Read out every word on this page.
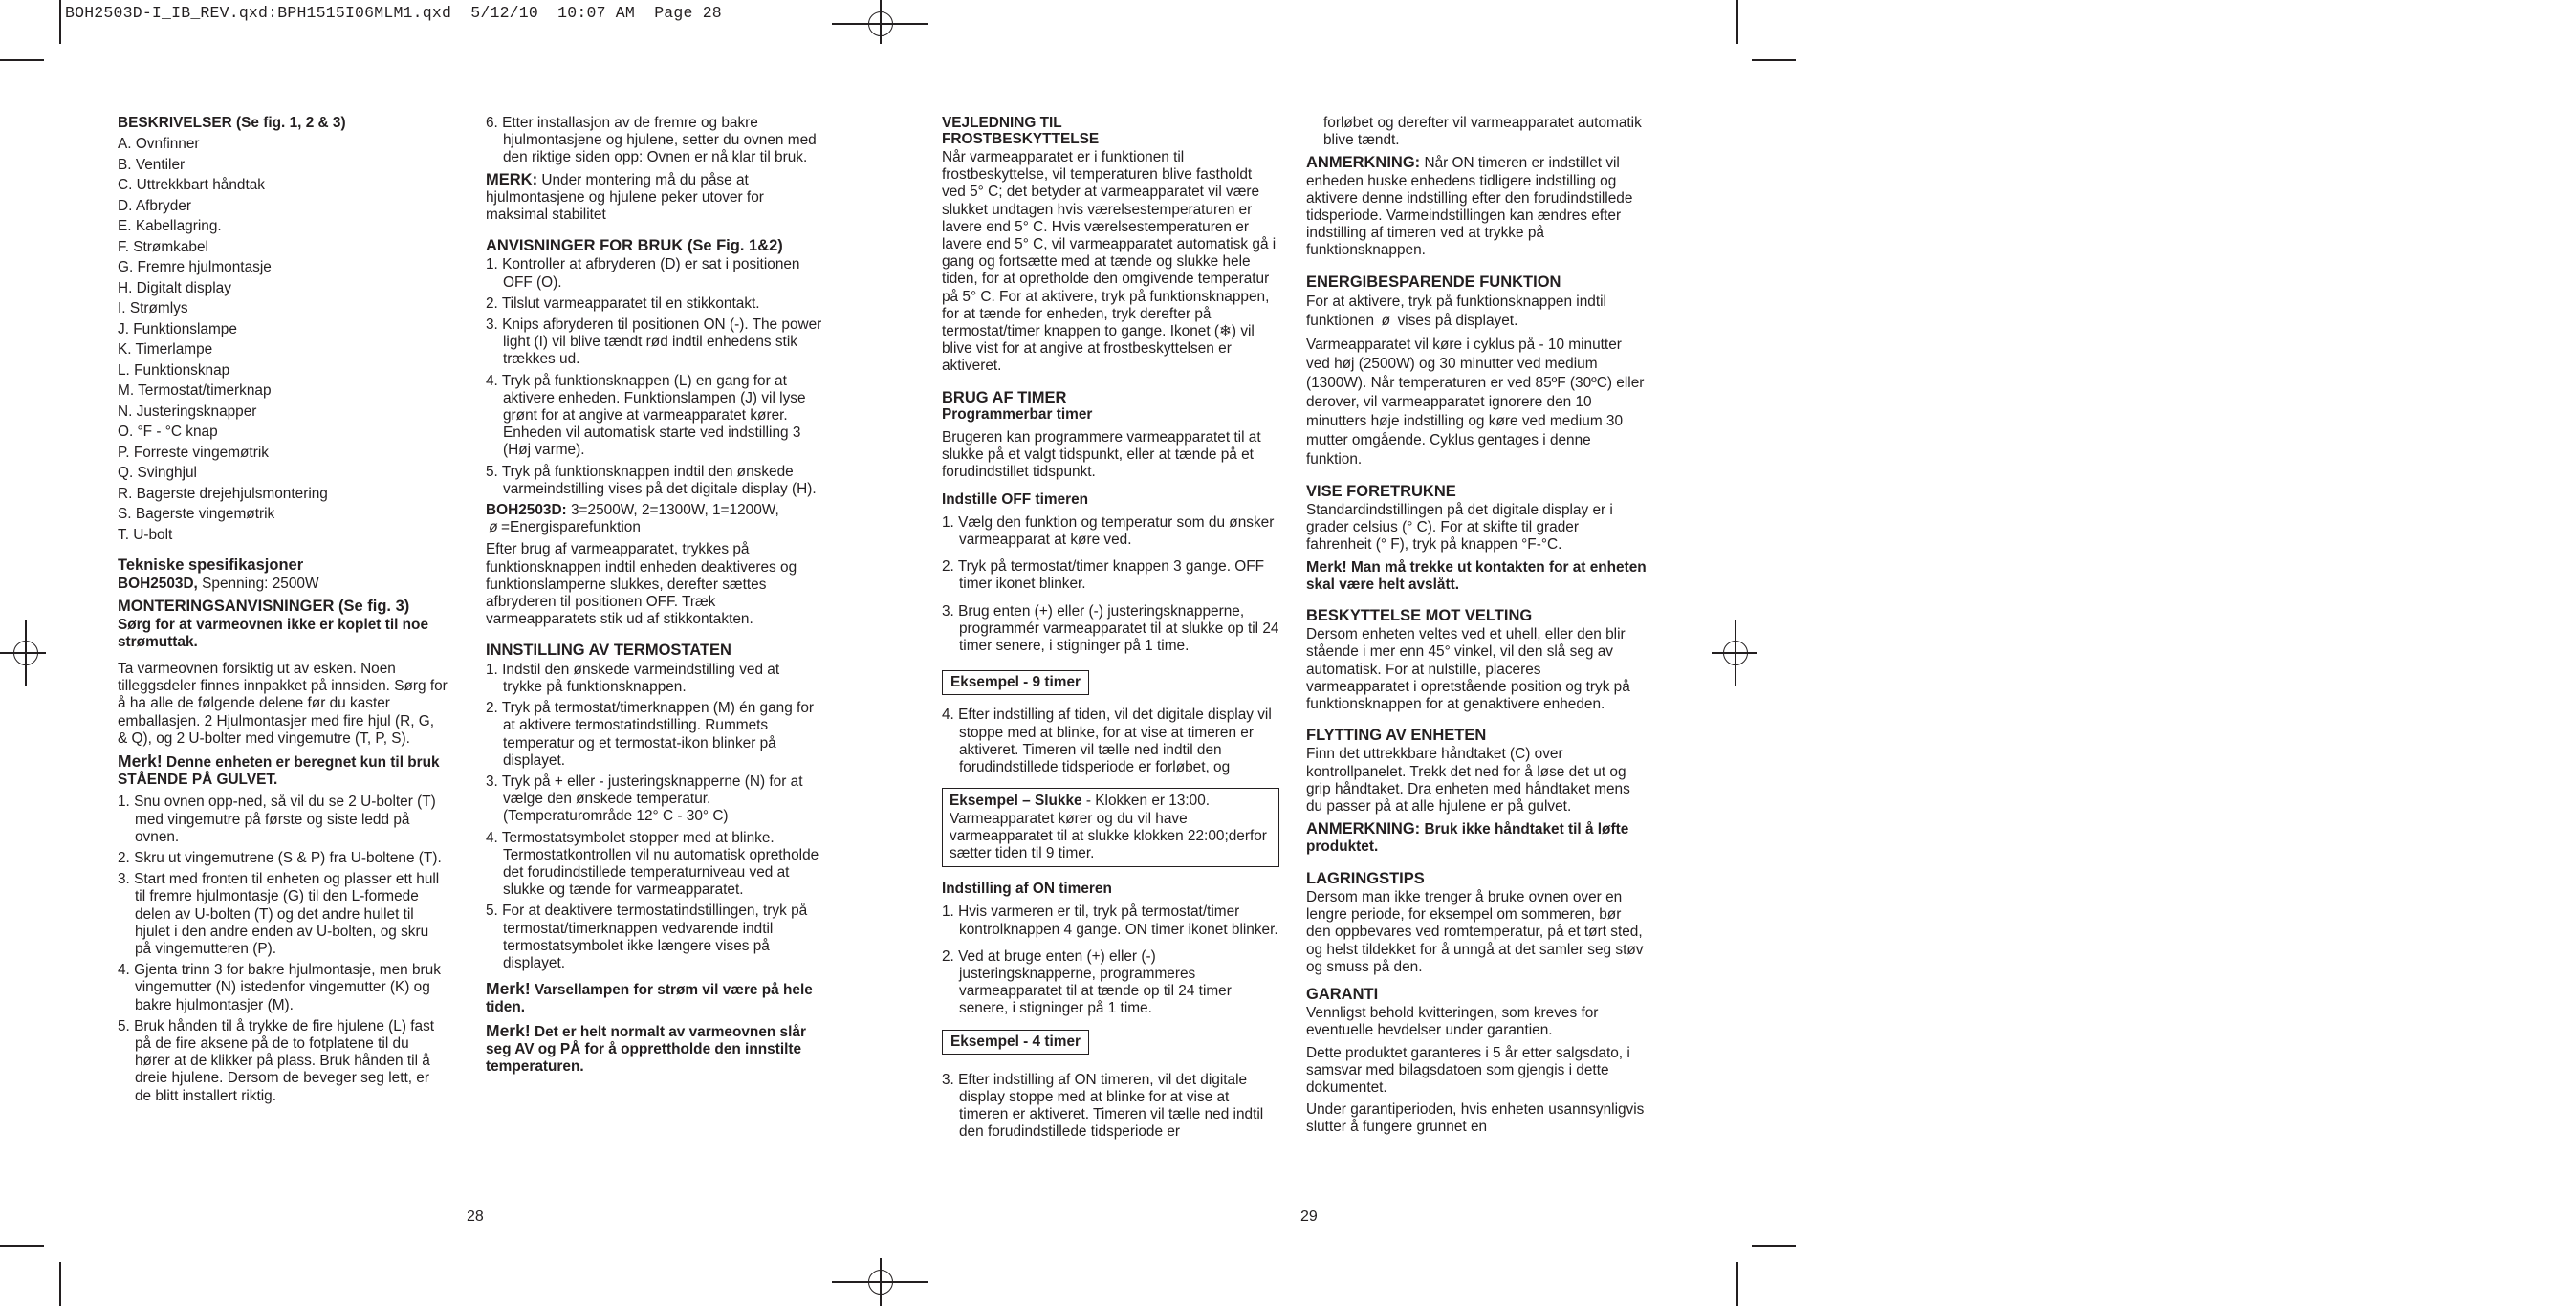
BOH2503D-I_IB_REV.qxd:BPH1515I06MLM1.qxd  5/12/10  10:07 AM  Page 28
BESKRIVELSER (Se fig. 1, 2 & 3)
A. Ovnfinner
B. Ventiler
C. Uttrekkbart håndtak
D. Afbryder
E. Kabellagring.
F. Strømkabel
G. Fremre hjulmontasje
H. Digitalt display
I. Strømlys
J. Funktionslampe
K. Timerlampe
L. Funktionsknap
M. Termostat/timerknap
N. Justeringsknapper
O. °F - °C knap
P. Forreste vingemøtrik
Q. Svinghjul
R. Bagerste drejehjulsmontering
S. Bagerste vingemøtrik
T. U-bolt
Tekniske spesifikasjoner

BOH2503D, Spenning: 2500W

MONTERINGSANVISNINGER (Se fig. 3)

Sørg for at varmeovnen ikke er koplet til noe strømuttak.

Ta varmeovnen forsiktig ut av esken. Noen tilleggsdeler finnes innpakket på innsiden. Sørg for å ha alle de følgende delene før du kaster emballasjen. 2 Hjulmontasjer med fire hjul (R, G, & Q), og 2 U-bolter med vingemutre (T, P, S).

Merk! Denne enheten er beregnet kun til bruk STÅENDE PÅ GULVET.

1. Snu ovnen opp-ned, så vil du se 2 U-bolter (T) med vingemutre på første og siste ledd på ovnen.

2. Skru ut vingemutrene (S & P) fra U-boltene (T).

3. Start med fronten til enheten og plasser ett hull til fremre hjulmontasje (G) til den L-formede delen av U-bolten (T) og det andre hullet til hjulet i den andre enden av U-bolten, og skru på vingemutteren (P).

4. Gjenta trinn 3 for bakre hjulmontasje, men bruk vingemutter (N) istedenfor vingemutter (K) og bakre hjulmontasjer (M).

5. Bruk hånden til å trykke de fire hjulene (L) fast på de fire aksene på de to fotplatene til du hører at de klikker på plass. Bruk hånden til å dreie hjulene. Dersom de beveger seg lett, er de blitt installert riktig.

6. Etter installasjon av de fremre og bakre hjulmontasjene og hjulene, setter du ovnen med den riktige siden opp: Ovnen er nå klar til bruk.

MERK: Under montering må du påse at hjulmontasjene og hjulene peker utover for maksimal stabilitet

ANVISNINGER FOR BRUK (Se Fig. 1&2)

1. Kontroller at afbryderen (D) er sat i positionen OFF (O).

2. Tilslut varmeapparatet til en stikkontakt.

3. Knips afbryderen til positionen ON (-). The power light (I) vil blive tændt rød indtil enhedens stik trækkes ud.

4. Tryk på funktionsknappen (L) en gang for at aktivere enheden. Funktionslampen (J) vil lyse grønt for at angive at varmeapparatet kører. Enheden vil automatisk starte ved indstilling 3 (Høj varme).

5. Tryk på funktionsknappen indtil den ønskede varmeindstilling vises på det digitale display (H).

BOH2503D: 3=2500W, 2=1300W, 1=1200W,
ø =Energisparefunktion

Efter brug af varmeapparatet, trykkes på funktionsknappen indtil enheden deaktiveres og funktionslamperne slukkes, derefter sættes afbryderen til positionen OFF. Træk varmeapparatets stik ud af stikkontakten.

INNSTILLING AV TERMOSTATEN

1. Indstil den ønskede varmeindstilling ved at trykke på funktionsknappen.

2. Tryk på termostat/timerknappen (M) én gang for at aktivere termostatindstilling. Rummets temperatur og et termostat-ikon blinker på displayet.

3. Tryk på + eller - justeringsknapperne (N) for at vælge den ønskede temperatur. (Temperaturområde 12° C - 30° C)

4. Termostatsymbolet stopper med at blinke. Termostatkontrollen vil nu automatisk opretholde det forudindstillede temperaturniveau ved at slukke og tænde for varmeapparatet.

5. For at deaktivere termostatindstillingen, tryk på termostat/timerknappen vedvarende indtil termostatsymbolet ikke længere vises på displayet.

Merk! Varsellampen for strøm vil være på hele tiden.

Merk! Det er helt normalt av varmeovnen slår seg AV og PÅ for å opprettholde den innstilte temperaturen.

28
VEJLEDNING TIL FROSTBESKYTTELSE

Når varmeapparatet er i funktionen til frostbeskyttelse, vil temperaturen blive fastholdt ved 5° C; det betyder at varmeapparatet vil være slukket undtagen hvis værelsestemperaturen er lavere end 5° C. Hvis værelsestemperaturen er lavere end 5° C, vil varmeapparatet automatisk gå i gang og fortsætte med at tænde og slukke hele tiden, for at opretholde den omgivende temperatur på 5° C. For at aktivere, tryk på funktionsknappen, for at tænde for enheden, tryk derefter på termostat/timer knappen to gange. Ikonet (❄) vil blive vist for at angive at frostbeskyttelsen er aktiveret.

BRUG AF TIMER
Programmerbar timer

Brugeren kan programmere varmeapparatet til at slukke på et valgt tidspunkt, eller at tænde på et forudindstillet tidspunkt.

Indstille OFF timeren

1. Vælg den funktion og temperatur som du ønsker varmeapparat at køre ved.

2. Tryk på termostat/timer knappen 3 gange. OFF timer ikonet blinker.

3. Brug enten (+) eller (-) justeringsknapperne, programmér varmeapparatet til at slukke op til 24 timer senere, i stigninger på 1 time.

Eksempel - 9 timer

4. Efter indstilling af tiden, vil det digitale display vil stoppe med at blinke, for at vise at timeren er aktiveret. Timeren vil tælle ned indtil den forudindstillede tidsperiode er forløbet, og

Eksempel – Slukke - Klokken er 13:00. Varmeapparatet kører og du vil have varmeapparatet til at slukke klokken 22:00;derfor sætter tiden til 9 timer.
Indstilling af ON timeren

1. Hvis varmeren er til, tryk på termostat/timer kontrolknappen 4 gange. ON timer ikonet blinker.

2. Ved at bruge enten (+) eller (-) justeringsknapperne, programmeres varmeapparatet til at tænde op til 24 timer senere, i stigninger på 1 time.

Eksempel - 4 timer

3. Efter indstilling af ON timeren, vil det digitale display stoppe med at blinke for at vise at timeren er aktiveret. Timeren vil tælle ned indtil den forudindstillede tidsperiode er

forløbet og derefter vil varmeapparatet automatik blive tændt.

ANMERKNING: Når ON timeren er indstillet vil enheden huske enhedens tidligere indstilling og aktivere denne indstilling efter den forudindstillede tidsperiode. Varmeindstillingen kan ændres efter indstilling af timeren ved at trykke på funktionsknappen.

ENERGIBESPARENDE FUNKTION

For at aktivere, tryk på funktionsknappen indtil funktionen ø vises på displayet.

Varmeapparatet vil køre i cyklus på - 10 minutter ved høj (2500W) og 30 minutter ved medium (1300W). Når temperaturen er ved 85ºF (30ºC) eller derover, vil varmeapparatet ignorere den 10 minutters høje indstilling og køre ved medium 30 mutter omgående. Cyklus gentages i denne funktion.

VISE FORETRUKNE

Standardindstillingen på det digitale display er i grader celsius (° C). For at skifte til grader fahrenheit (° F), tryk på knappen °F-°C.

Merk! Man må trekke ut kontakten for at enheten skal være helt avslått.

BESKYTTELSE MOT VELTING

Dersom enheten veltes ved et uhell, eller den blir stående i mer enn 45° vinkel, vil den slå seg av automatisk. For at nulstille, placeres varmeapparatet i opretstående position og tryk på funktionsknappen for at genaktivere enheden.

FLYTTING AV ENHETEN

Finn det uttrekkbare håndtaket (C) over kontrollpanelet. Trekk det ned for å løse det ut og grip håndtaket. Dra enheten med håndtaket mens du passer på at alle hjulene er på gulvet.

ANMERKNING: Bruk ikke håndtaket til å løfte produktet.

LAGRINGSTIPS

Dersom man ikke trenger å bruke ovnen over en lengre periode, for eksempel om sommeren, bør den oppbevares ved romtemperatur, på et tørt sted, og helst tildekket for å unngå at det samler seg støv og smuss på den.

GARANTI

Vennligst behold kvitteringen, som kreves for eventuelle hevdelser under garantien.

Dette produktet garanteres i 5 år etter salgsdato, i samsvar med bilagsdatoen som gjengis i dette dokumentet.

Under garantiperioden, hvis enheten usannsynligvis slutter å fungere grunnet en

29
